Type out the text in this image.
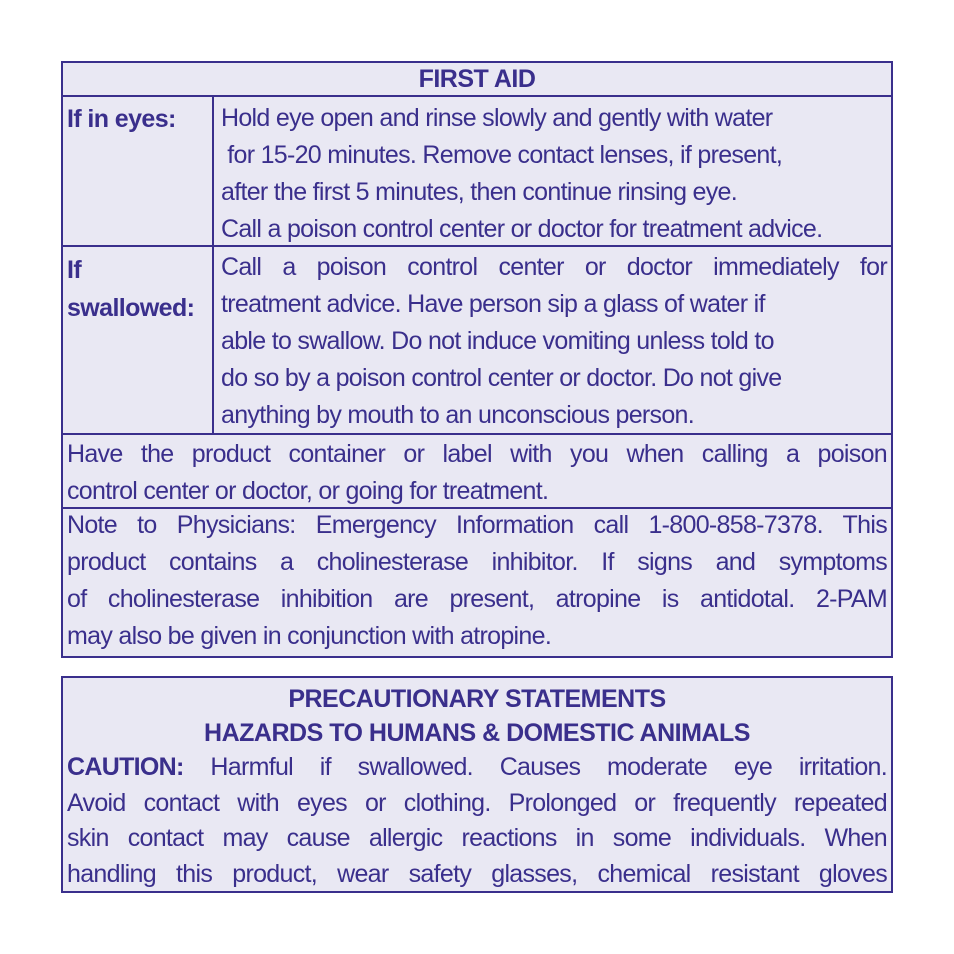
FIRST AID
If in eyes:	Hold eye open and rinse slowly and gently with water
for 15-20 minutes. Remove contact lenses, if present,
after the first 5 minutes, then continue rinsing eye.
Call a poison control center or doctor for treatment advice.
If
swallowed:
Call a poison control center or doctor immediately for
treatment advice. Have person sip a glass of water if
able to swallow. Do not induce vomiting unless told to
do so by a poison control center or doctor. Do not give
anything by mouth to an unconscious person.
Have the product container or label with you when calling a poison
control center or doctor, or going for treatment.
Note to Physicians: Emergency Information call 1-800-858-7378. This
product contains a cholinesterase inhibitor. If signs and symptoms
of cholinesterase inhibition are present, atropine is antidotal. 2-PAM
may also be given in conjunction with atropine.
PRECAUTIONARY STATEMENTS
HAZARDS TO HUMANS & DOMESTIC ANIMALS
CAUTION: Harmful if swallowed. Causes moderate eye irritation.
Avoid contact with eyes or clothing. Prolonged or frequently repeated
skin contact may cause allergic reactions in some individuals. When
handling this product, wear safety glasses, chemical resistant gloves
